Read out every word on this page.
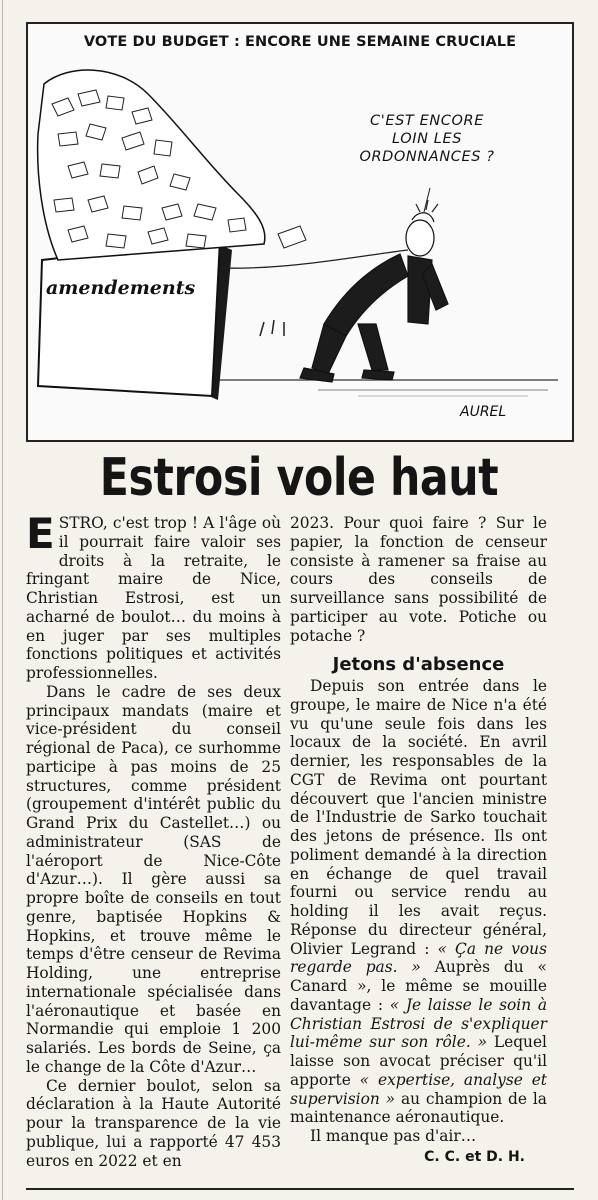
VOTE DU BUDGET : ENCORE UNE SEMAINE CRUCIALE
amendements
AUREL
C'EST ENCORE
LOIN LES
ORDONNANCES ?
Estrosi vole haut

ESTRO, c'est trop ! A l'âge où il pourrait faire valoir ses droits à la retraite, le fringant maire de Nice, Christian Estrosi, est un acharné de boulot… du moins à en juger par ses multiples fonctions politiques et activités professionnelles.

Dans le cadre de ses deux principaux mandats (maire et vice-président du conseil régional de Paca), ce surhomme participe à pas moins de 25 structures, comme président (groupement d'intérêt public du Grand Prix du Castellet…) ou administrateur (SAS de l'aéroport de Nice-Côte d'Azur…). Il gère aussi sa propre boîte de conseils en tout genre, baptisée Hopkins & Hopkins, et trouve même le temps d'être censeur de Revima Holding, une entreprise internationale spécialisée dans l'aéronautique et basée en Normandie qui emploie 1 200 salariés. Les bords de Seine, ça le change de la Côte d'Azur…

Ce dernier boulot, selon sa déclaration à la Haute Autorité pour la transparence de la vie publique, lui a rapporté 47 453 euros en 2022 et en

2023. Pour quoi faire ? Sur le papier, la fonction de censeur consiste à ramener sa fraise au cours des conseils de surveillance sans possibilité de participer au vote. Potiche ou potache ?

Jetons d'absence

Depuis son entrée dans le groupe, le maire de Nice n'a été vu qu'une seule fois dans les locaux de la société. En avril dernier, les responsables de la CGT de Revima ont pourtant découvert que l'ancien ministre de l'Industrie de Sarko touchait des jetons de présence. Ils ont poliment demandé à la direction en échange de quel travail fourni ou service rendu au holding il les avait reçus. Réponse du directeur général, Olivier Legrand : « Ça ne vous regarde pas. » Auprès du « Canard », le même se mouille davantage : « Je laisse le soin à Christian Estrosi de s'expliquer lui-même sur son rôle. » Lequel laisse son avocat préciser qu'il apporte « expertise, analyse et supervision » au champion de la maintenance aéronautique.

Il manque pas d'air…

C. C. et D. H.
